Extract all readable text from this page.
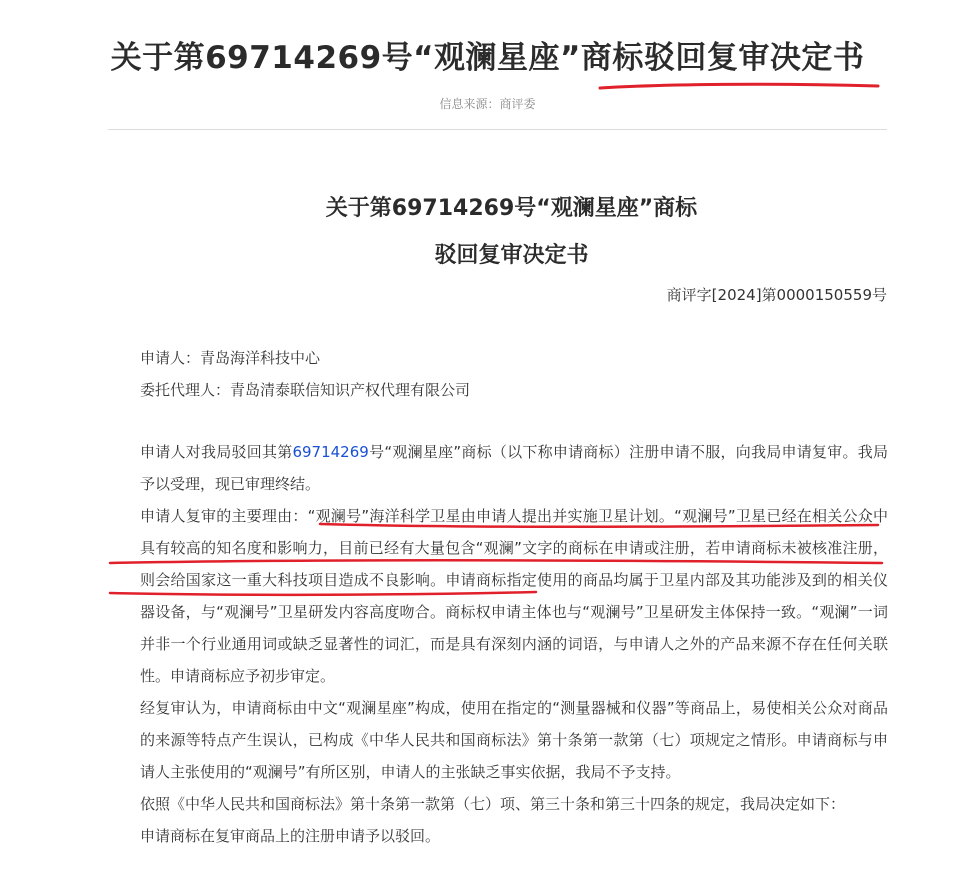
关于第69714269号“观澜星座”商标驳回复审决定书
信息来源：商评委
关于第69714269号“观澜星座”商标
驳回复审决定书
商评字[2024]第0000150559号
申请人：青岛海洋科技中心
委托代理人：青岛清泰联信知识产权代理有限公司

申请人对我局驳回其第69714269号“观澜星座”商标（以下称申请商标）注册申请不服，向我局申请复审。我局予以受理，现已审理终结。

申请人复审的主要理由：“观澜号”海洋科学卫星由申请人提出并实施卫星计划。“观澜号”卫星已经在相关公众中具有较高的知名度和影响力，目前已经有大量包含“观澜”文字的商标在申请或注册，若申请商标未被核准注册，则会给国家这一重大科技项目造成不良影响。申请商标指定使用的商品均属于卫星内部及其功能涉及到的相关仪器设备，与“观澜号”卫星研发内容高度吻合。商标权申请主体也与“观澜号”卫星研发主体保持一致。“观澜”一词并非一个行业通用词或缺乏显著性的词汇，而是具有深刻内涵的词语，与申请人之外的产品来源不存在任何关联性。申请商标应予初步审定。

经复审认为，申请商标由中文“观澜星座”构成，使用在指定的“测量器械和仪器”等商品上，易使相关公众对商品的来源等特点产生误认，已构成《中华人民共和国商标法》第十条第一款第（七）项规定之情形。申请商标与申请人主张使用的“观澜号”有所区别，申请人的主张缺乏事实依据，我局不予支持。

依照《中华人民共和国商标法》第十条第一款第（七）项、第三十条和第三十四条的规定，我局决定如下：

申请商标在复审商品上的注册申请予以驳回。
